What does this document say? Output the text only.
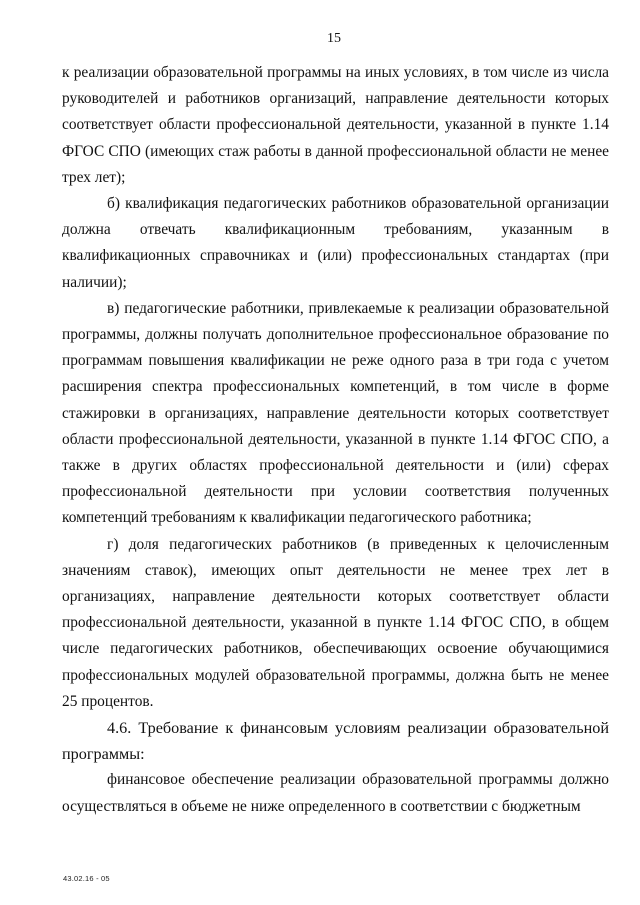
15

к реализации образовательной программы на иных условиях, в том числе из числа руководителей и работников организаций, направление деятельности которых соответствует области профессиональной деятельности, указанной в пункте 1.14 ФГОС СПО (имеющих стаж работы в данной профессиональной области не менее трех лет);

б) квалификация педагогических работников образовательной организации должна отвечать квалификационным требованиям, указанным в квалификационных справочниках и (или) профессиональных стандартах (при наличии);

в) педагогические работники, привлекаемые к реализации образовательной программы, должны получать дополнительное профессиональное образование по программам повышения квалификации не реже одного раза в три года с учетом расширения спектра профессиональных компетенций, в том числе в форме стажировки в организациях, направление деятельности которых соответствует области профессиональной деятельности, указанной в пункте 1.14 ФГОС СПО, а также в других областях профессиональной деятельности и (или) сферах профессиональной деятельности при условии соответствия полученных компетенций требованиям к квалификации педагогического работника;

г) доля педагогических работников (в приведенных к целочисленным значениям ставок), имеющих опыт деятельности не менее трех лет в организациях, направление деятельности которых соответствует области профессиональной деятельности, указанной в пункте 1.14 ФГОС СПО, в общем числе педагогических работников, обеспечивающих освоение обучающимися профессиональных модулей образовательной программы, должна быть не менее 25 процентов.

4.6. Требование к финансовым условиям реализации образовательной программы:

финансовое обеспечение реализации образовательной программы должно осуществляться в объеме не ниже определенного в соответствии с бюджетным

43.02.16 - 05
